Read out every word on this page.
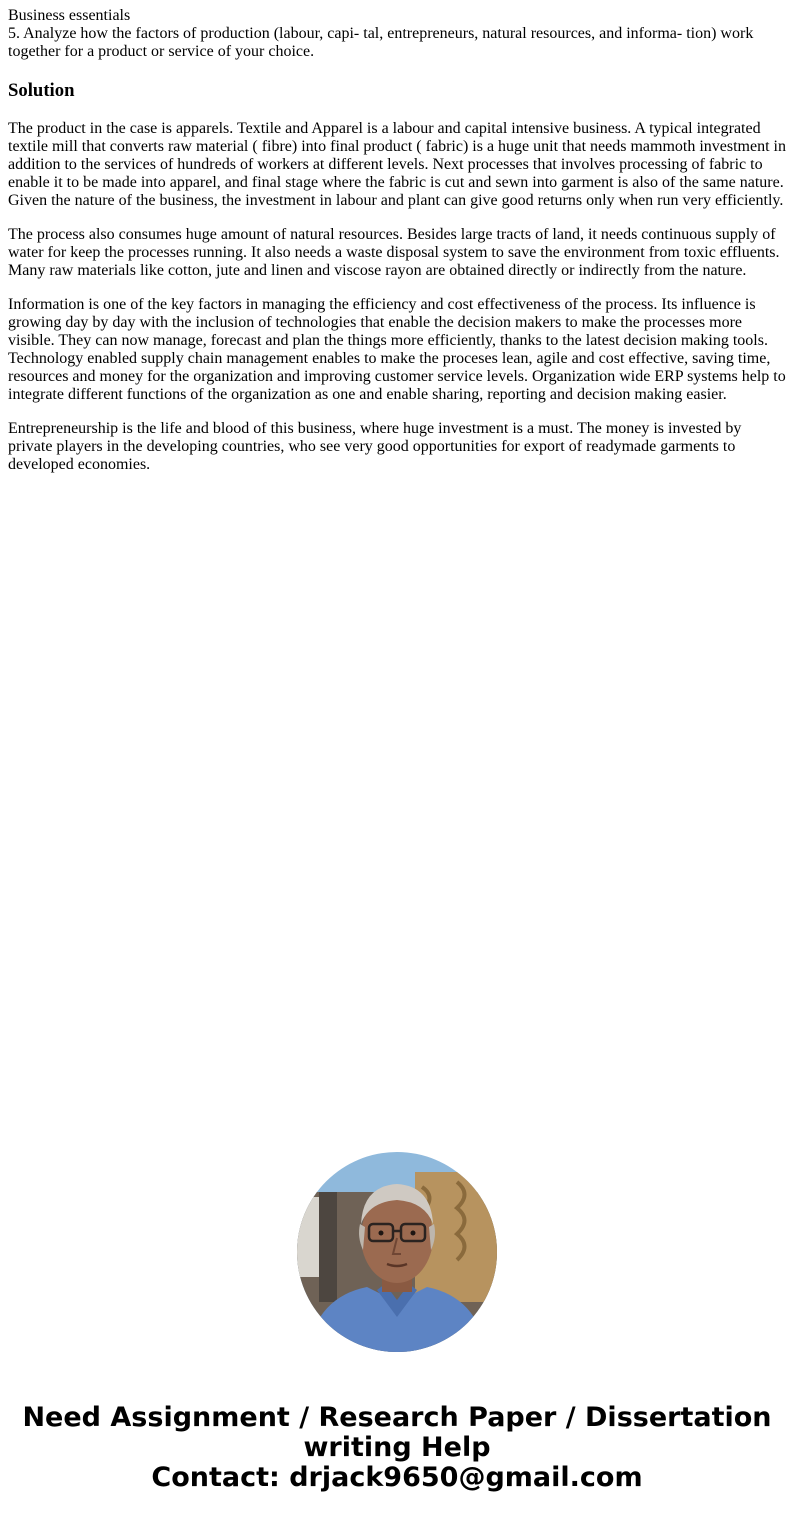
Business essentials
5. Analyze how the factors of production (labour, capi- tal, entrepreneurs, natural resources, and informa- tion) work together for a product or service of your choice.
Solution

The product in the case is apparels. Textile and Apparel is a labour and capital intensive business. A typical integrated textile mill that converts raw material ( fibre) into final product ( fabric) is a huge unit that needs mammoth investment in addition to the services of hundreds of workers at different levels. Next processes that involves processing of fabric to enable it to be made into apparel, and final stage where the fabric is cut and sewn into garment is also of the same nature. Given the nature of the business, the investment in labour and plant can give good returns only when run very efficiently.

The process also consumes huge amount of natural resources. Besides large tracts of land, it needs continuous supply of water for keep the processes running. It also needs a waste disposal system to save the environment from toxic effluents. Many raw materials like cotton, jute and linen and viscose rayon are obtained directly or indirectly from the nature.

Information is one of the key factors in managing the efficiency and cost effectiveness of the process. Its influence is growing day by day with the inclusion of technologies that enable the decision makers to make the processes more visible. They can now manage, forecast and plan the things more efficiently, thanks to the latest decision making tools. Technology enabled supply chain management enables to make the proceses lean, agile and cost effective, saving time, resources and money for the organization and improving customer service levels. Organization wide ERP systems help to integrate different functions of the organization as one and enable sharing, reporting and decision making easier.

Entrepreneurship is the life and blood of this business, where huge investment is a must. The money is invested by private players in the developing countries, who see very good opportunities for export of readymade garments to developed economies.

Need Assignment / Research Paper / Dissertation
writing Help
Contact: drjack9650@gmail.com
